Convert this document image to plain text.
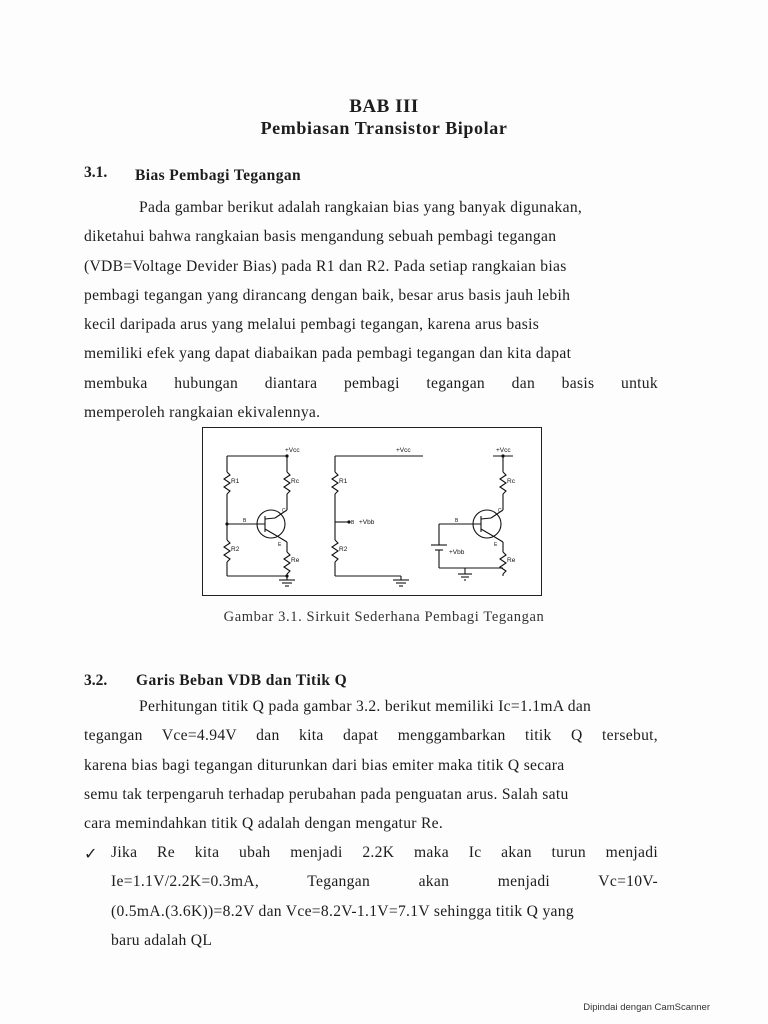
BAB III
Pembiasan Transistor Bipolar
3.1. Bias Pembagi Tegangan

Pada gambar berikut adalah rangkaian bias yang banyak digunakan,

diketahui bahwa rangkaian basis mengandung sebuah pembagi tegangan

(VDB=Voltage Devider Bias) pada R1 dan R2. Pada setiap rangkaian bias

pembagi tegangan yang dirancang dengan baik, besar arus basis jauh lebih

kecil daripada arus yang melalui pembagi tegangan, karena arus basis

memiliki efek yang dapat diabaikan pada pembagi tegangan dan kita dapat

membuka hubungan diantara pembagi tegangan dan basis untuk

memperoleh rangkaian ekivalennya.

+Vcc
R1
R2
Rc
Re
B
C
E
+Vcc
R1
R2
B +Vbb
+Vcc
Rc
Re
B
C
E
+Vbb
Gambar 3.1. Sirkuit Sederhana Pembagi Tegangan
3.2. Garis Beban VDB dan Titik Q

Perhitungan titik Q pada gambar 3.2. berikut memiliki Ic=1.1mA dan

tegangan Vce=4.94V dan kita dapat menggambarkan titik Q tersebut,

karena bias bagi tegangan diturunkan dari bias emiter maka titik Q secara

semu tak terpengaruh terhadap perubahan pada penguatan arus. Salah satu

cara memindahkan titik Q adalah dengan mengatur Re.

✓ Jika Re kita ubah menjadi 2.2K maka Ic akan turun menjadi

Ie=1.1V/2.2K=0.3mA, Tegangan akan menjadi Vc=10V-

(0.5mA.(3.6K))=8.2V dan Vce=8.2V-1.1V=7.1V sehingga titik Q yang

baru adalah QL

Dipindai dengan CamScanner
